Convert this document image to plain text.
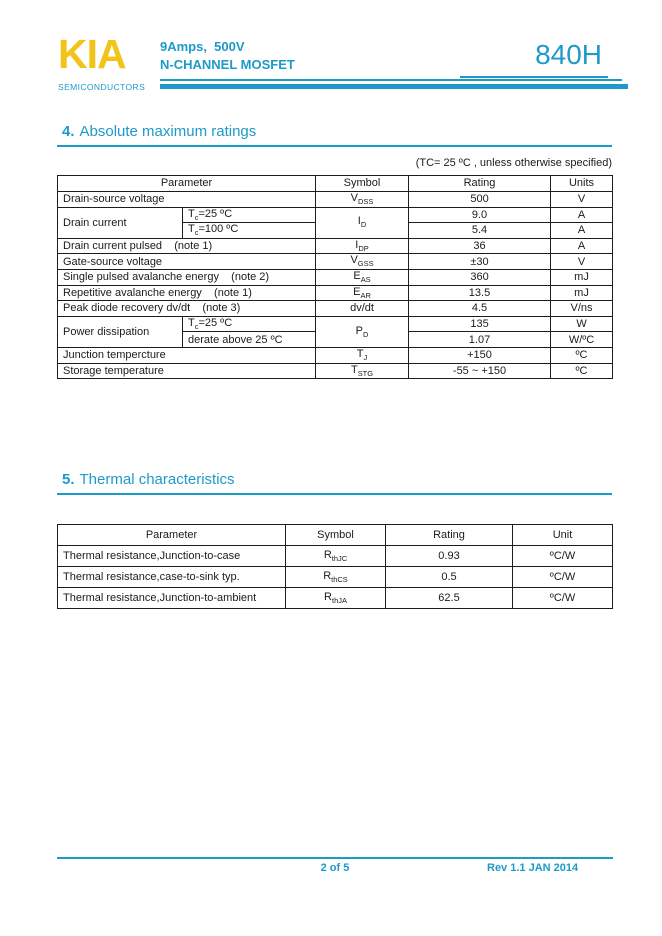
KIA
SEMICONDUCTORS
9Amps,  500V
N-CHANNEL MOSFET	840H
4. Absolute maximum ratings
(TC= 25 ºC , unless otherwise specified)
Parameter		Symbol	Rating	Units
Drain-source voltage		$V_{DSS}$	500	V
Drain current	$T_c=25$ ºC	$I_D$	9.0	A
	$T_c=100$ ºC		5.4	A
Drain current pulsed    (note 1)		$I_{DP}$	36	A
Gate-source voltage		$V_{GSS}$	±30	V
Single pulsed avalanche energy    (note 2)		$E_{AS}$	360	mJ
Repetitive avalanche energy    (note 1)		$E_{AR}$	13.5	mJ
Peak diode recovery dv/dt    (note 3)		dv/dt	4.5	V/ns
Power dissipation	$T_c=25$ ºC	$P_D$	135	W
	derate above 25 ºC		1.07	W/ºC
Junction tempercture		$T_J$	+150	ºC
Storage temperature		$T_{STG}$	-55 ~ +150	ºC
5. Thermal characteristics
Parameter	Symbol	Rating	Unit
Thermal resistance,Junction-to-case	$R_{thJC}$	0.93	ºC/W
Thermal resistance,case-to-sink typ.	$R_{thCS}$	0.5	ºC/W
Thermal resistance,Junction-to-ambient	$R_{thJA}$	62.5	ºC/W
2 of 5	Rev 1.1 JAN 2014
